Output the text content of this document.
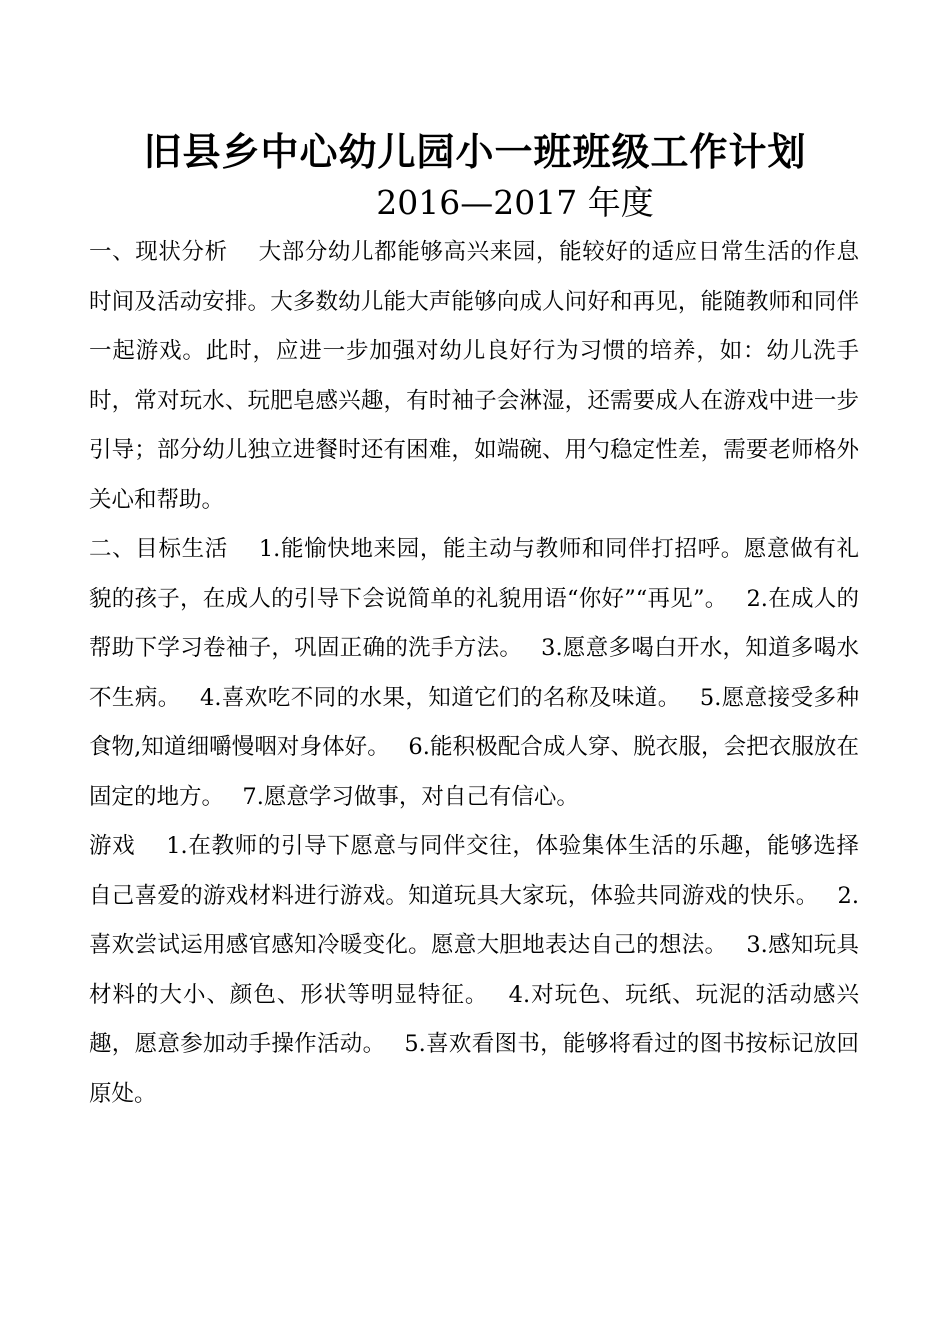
旧县乡中心幼儿园小一班班级工作计划
2016—2017 年度

一、现状分析　 大部分幼儿都能够高兴来园，能较好的适应日常生活的作息时间及活动安排。大多数幼儿能大声能够向成人问好和再见，能随教师和同伴一起游戏。此时，应进一步加强对幼儿良好行为习惯的培养，如：幼儿洗手时，常对玩水、玩肥皂感兴趣，有时袖子会淋湿，还需要成人在游戏中进一步引导；部分幼儿独立进餐时还有困难，如端碗、用勺稳定性差，需要老师格外关心和帮助。

二、目标生活　 1.能愉快地来园，能主动与教师和同伴打招呼。愿意做有礼貌的孩子，在成人的引导下会说简单的礼貌用语“你好”“再见”。　 2.在成人的帮助下学习卷袖子，巩固正确的洗手方法。　 3.愿意多喝白开水，知道多喝水不生病。　 4.喜欢吃不同的水果，知道它们的名称及味道。　 5.愿意接受多种食物,知道细嚼慢咽对身体好。　 6.能积极配合成人穿、脱衣服，会把衣服放在固定的地方。　 7.愿意学习做事，对自己有信心。

游戏　 1.在教师的引导下愿意与同伴交往，体验集体生活的乐趣，能够选择自己喜爱的游戏材料进行游戏。知道玩具大家玩，体验共同游戏的快乐。　 2.喜欢尝试运用感官感知冷暖变化。愿意大胆地表达自己的想法。　 3.感知玩具材料的大小、颜色、形状等明显特征。　 4.对玩色、玩纸、玩泥的活动感兴趣，愿意参加动手操作活动。　 5.喜欢看图书，能够将看过的图书按标记放回原处。
